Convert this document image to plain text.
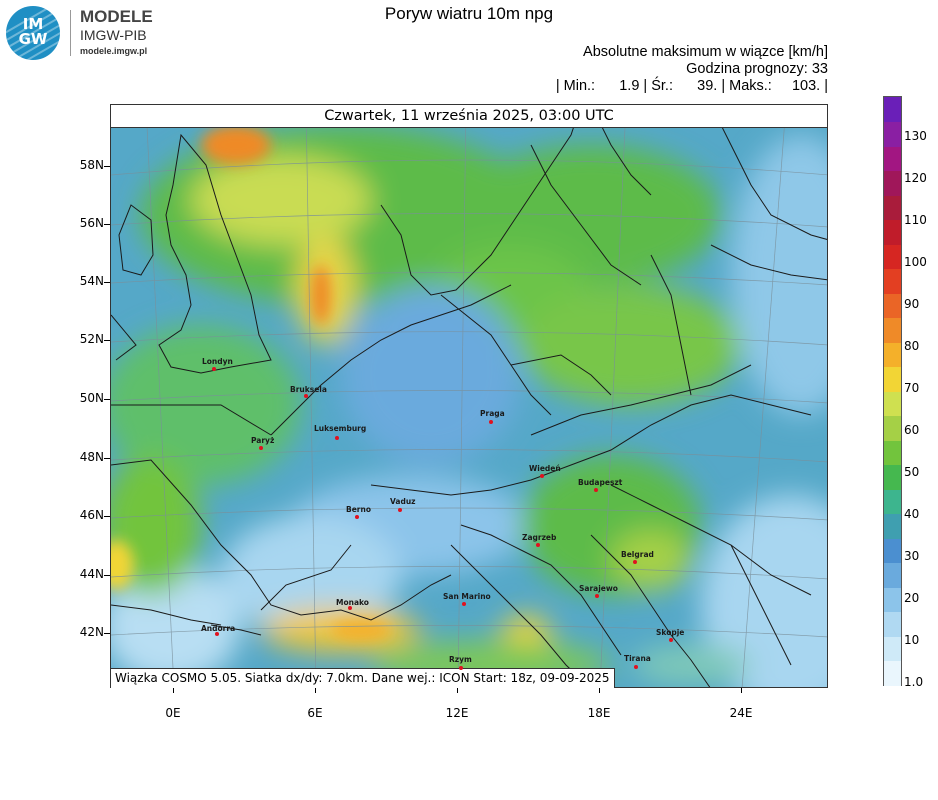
IM
GW
MODELE
IMGW-PIB
modele.imgw.pl
Poryw wiatru 10m npg
Absolutne maksimum w wiązce [km/h]
Godzina prognozy: 33
| Min.:      1.9 | Śr.:      39. | Maks.:     103. |
Czwartek, 11 września 2025, 03:00 UTC
Wiązka COSMO 5.05. Siatka dx/dy: 7.0km. Dane wej.: ICON Start: 18z, 09-09-2025
58N
56N
54N
52N
50N
48N
46N
44N
42N
0E	6E	12E	18E	24E
Londyn
Bruksela
Paryż
Luksemburg
Praga
Wiedeń
Budapeszt
Berno
Vaduz
Zagrzeb
Belgrad
Sarajewo
Monako
San Marino
Andorra	Skopje
Tirana
Rzym
1.0
10
20
30
40
50
60
70
80
90
100
110
120
130
